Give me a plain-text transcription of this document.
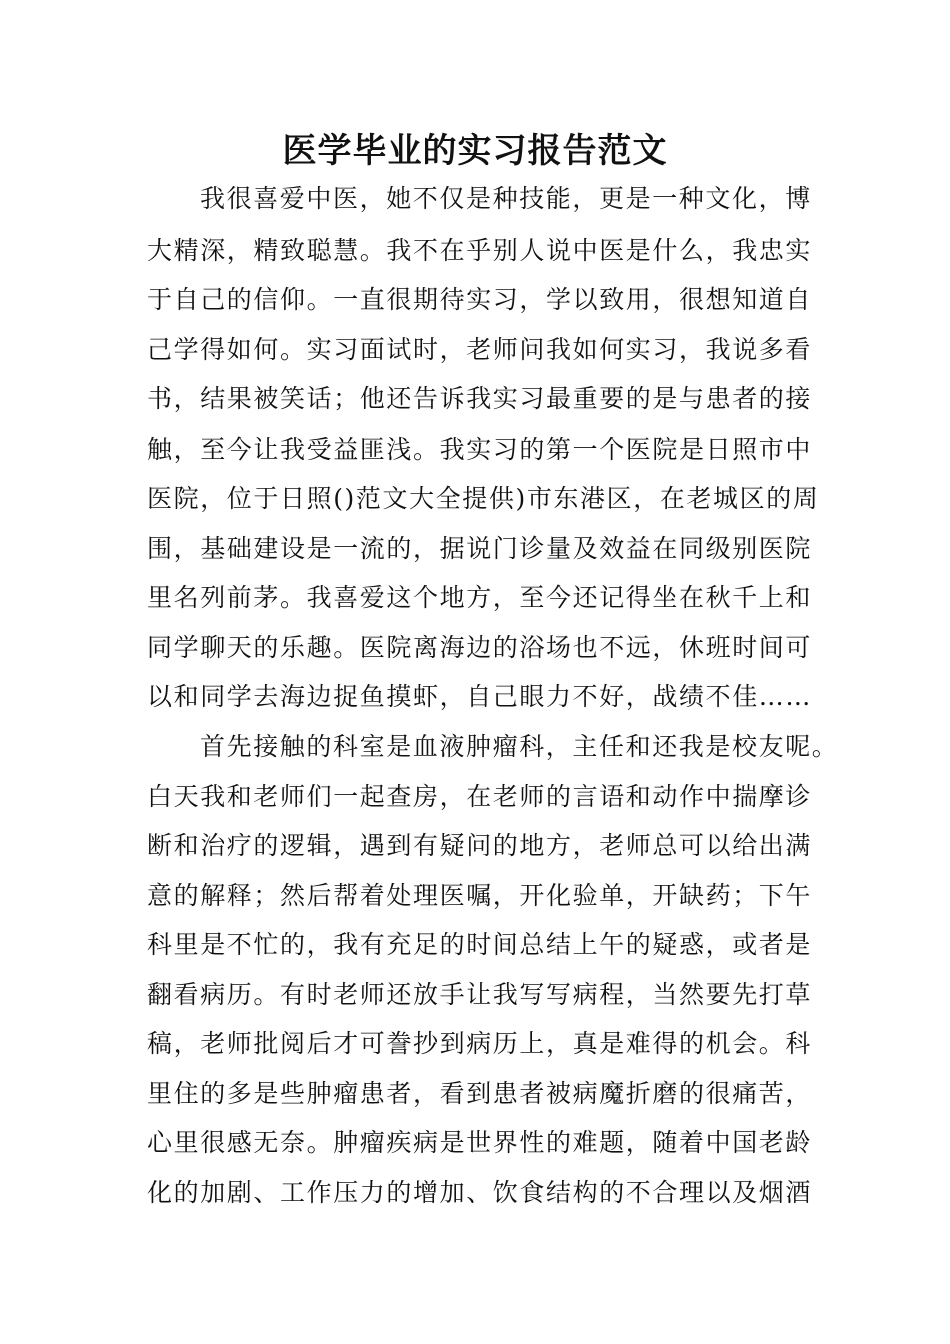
医学毕业的实习报告范文
我很喜爱中医，她不仅是种技能，更是一种文化，博
大精深，精致聪慧。我不在乎别人说中医是什么，我忠实
于自己的信仰。一直很期待实习，学以致用，很想知道自
己学得如何。实习面试时，老师问我如何实习，我说多看
书，结果被笑话；他还告诉我实习最重要的是与患者的接
触，至今让我受益匪浅。我实习的第一个医院是日照市中
医院，位于日照()范文大全提供)市东港区，在老城区的周
围，基础建设是一流的，据说门诊量及效益在同级别医院
里名列前茅。我喜爱这个地方，至今还记得坐在秋千上和
同学聊天的乐趣。医院离海边的浴场也不远，休班时间可
以和同学去海边捉鱼摸虾，自己眼力不好，战绩不佳……
首先接触的科室是血液肿瘤科，主任和还我是校友呢。
白天我和老师们一起查房，在老师的言语和动作中揣摩诊
断和治疗的逻辑，遇到有疑问的地方，老师总可以给出满
意的解释；然后帮着处理医嘱，开化验单，开缺药；下午
科里是不忙的，我有充足的时间总结上午的疑惑，或者是
翻看病历。有时老师还放手让我写写病程，当然要先打草
稿，老师批阅后才可誊抄到病历上，真是难得的机会。科
里住的多是些肿瘤患者，看到患者被病魔折磨的很痛苦，
心里很感无奈。肿瘤疾病是世界性的难题，随着中国老龄
化的加剧、工作压力的增加、饮食结构的不合理以及烟酒
